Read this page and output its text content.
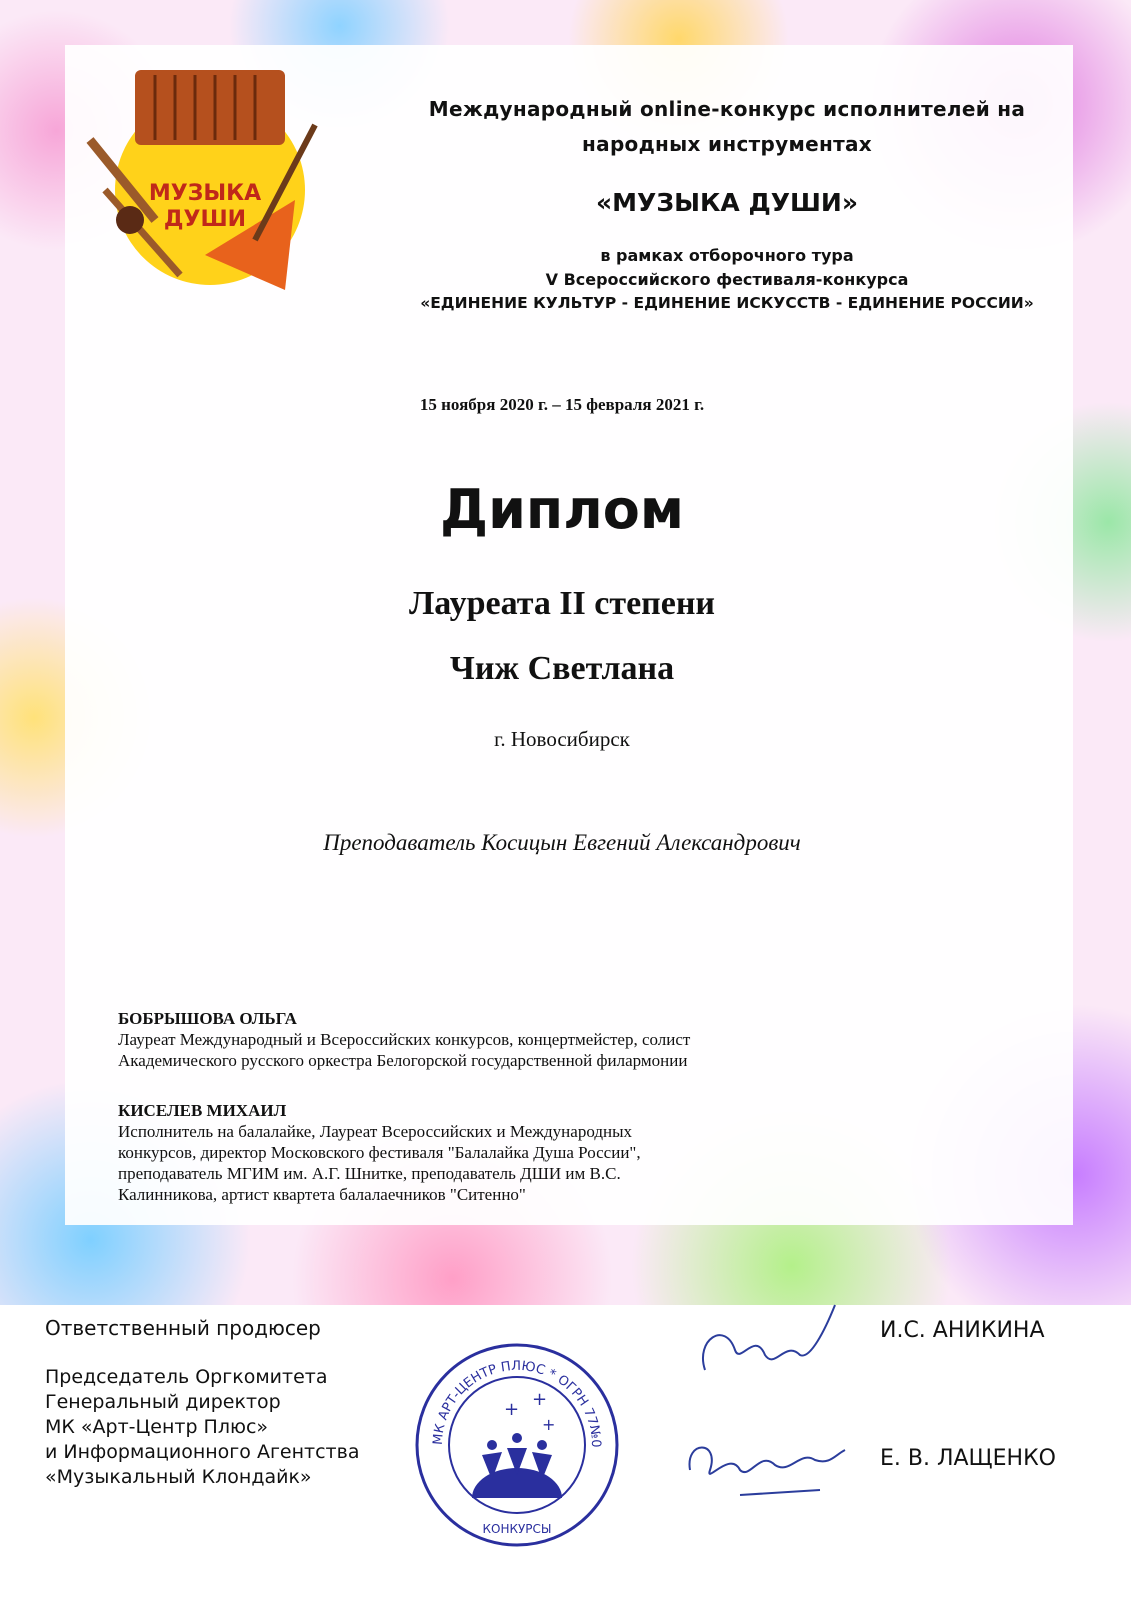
МУЗЫКА
ДУШИ
Международный online-конкурс исполнителей на
народных инструментах
«МУЗЫКА ДУШИ»
в рамках отборочного тура
V Всероссийского фестиваля-конкурса
«ЕДИНЕНИЕ КУЛЬТУР - ЕДИНЕНИЕ ИСКУССТВ - ЕДИНЕНИЕ РОССИИ»
15 ноября 2020 г. – 15 февраля 2021 г.
Диплом
Лауреата II степени
Чиж Светлана
г. Новосибирск
Преподаватель Косицын Евгений Александрович
БОБРЫШОВА ОЛЬГА
Лауреат Международный и Всероссийских конкурсов, концертмейстер, солист
Академического русского оркестра Белогорской государственной филармонии
КИСЕЛЕВ МИХАИЛ
Исполнитель на балалайке, Лауреат Всероссийских и Международных
конкурсов, директор Московского фестиваля "Балалайка Душа России",
преподаватель МГИМ им. А.Г. Шнитке, преподаватель ДШИ им В.С.
Калинникова, артист квартета балалаечников "Ситенно"
Ответственный продюсер
Председатель Оргкомитета
Генеральный директор
МК «Арт-Центр Плюс»
и Информационного Агентства
«Музыкальный Клондайк»
+ +
+
МК АРТ-ЦЕНТР ПЛЮС * ОГРН 77№0
КОНКУРСЫ
И.С. АНИКИНА
Е. В. ЛАЩЕНКО
